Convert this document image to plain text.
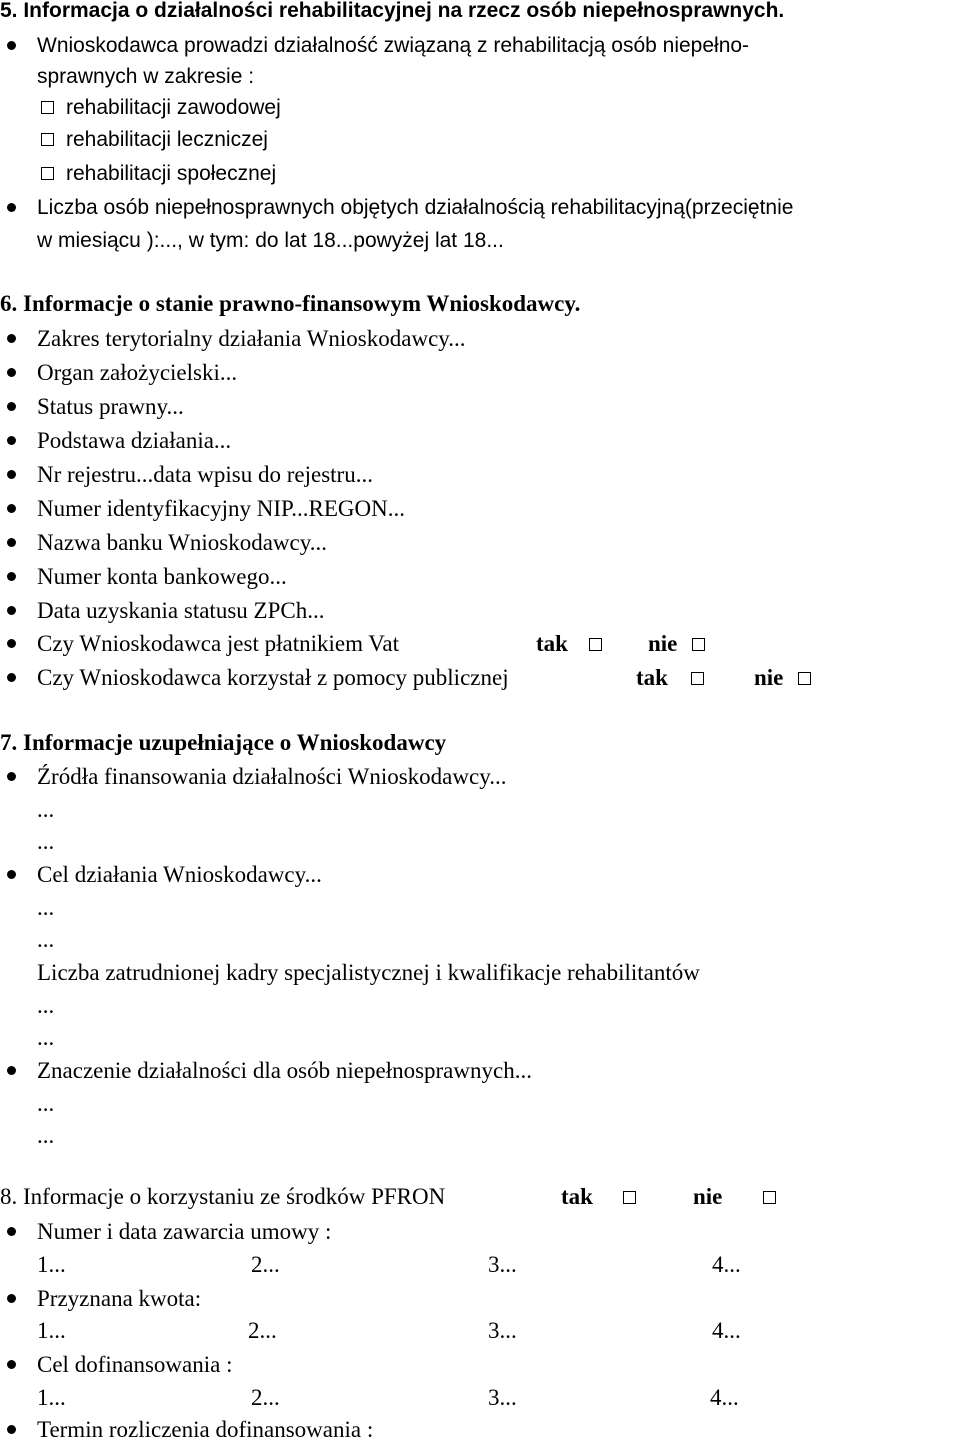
5. Informacja o działalności rehabilitacyjnej na rzecz osób niepełnosprawnych.
Wnioskodawca prowadzi działalność związaną z rehabilitacją osób niepełno-
sprawnych w zakresie :
rehabilitacji zawodowej
rehabilitacji leczniczej
rehabilitacji społecznej
Liczba osób niepełnosprawnych objętych działalnością rehabilitacyjną(przeciętnie
w miesiącu ):..., w tym: do lat 18...powyżej lat 18...
6. Informacje o stanie prawno-finansowym Wnioskodawcy.
Zakres terytorialny działania Wnioskodawcy...
Organ założycielski...
Status prawny...
Podstawa działania...
Nr rejestru...data wpisu do rejestru...
Numer identyfikacyjny NIP...REGON...
Nazwa banku Wnioskodawcy...
Numer konta bankowego...
Data uzyskania statusu ZPCh...
Czy Wnioskodawca jest płatnikiem Vat	tak	nie
Czy Wnioskodawca korzystał z pomocy publicznej	tak	nie
7. Informacje uzupełniające o Wnioskodawcy
Źródła finansowania działalności Wnioskodawcy...
...
...
Cel działania Wnioskodawcy...
...
...
Liczba zatrudnionej kadry specjalistycznej i kwalifikacje rehabilitantów
...
...
Znaczenie działalności dla osób niepełnosprawnych...
...
...
8. Informacje o korzystaniu ze środków PFRON	tak	nie
Numer i data zawarcia umowy :
1...	2...	3...	4...
Przyznana kwota:
1...	2...	3...	4...
Cel dofinansowania :
1...	2...	3...	4...
Termin rozliczenia dofinansowania :
